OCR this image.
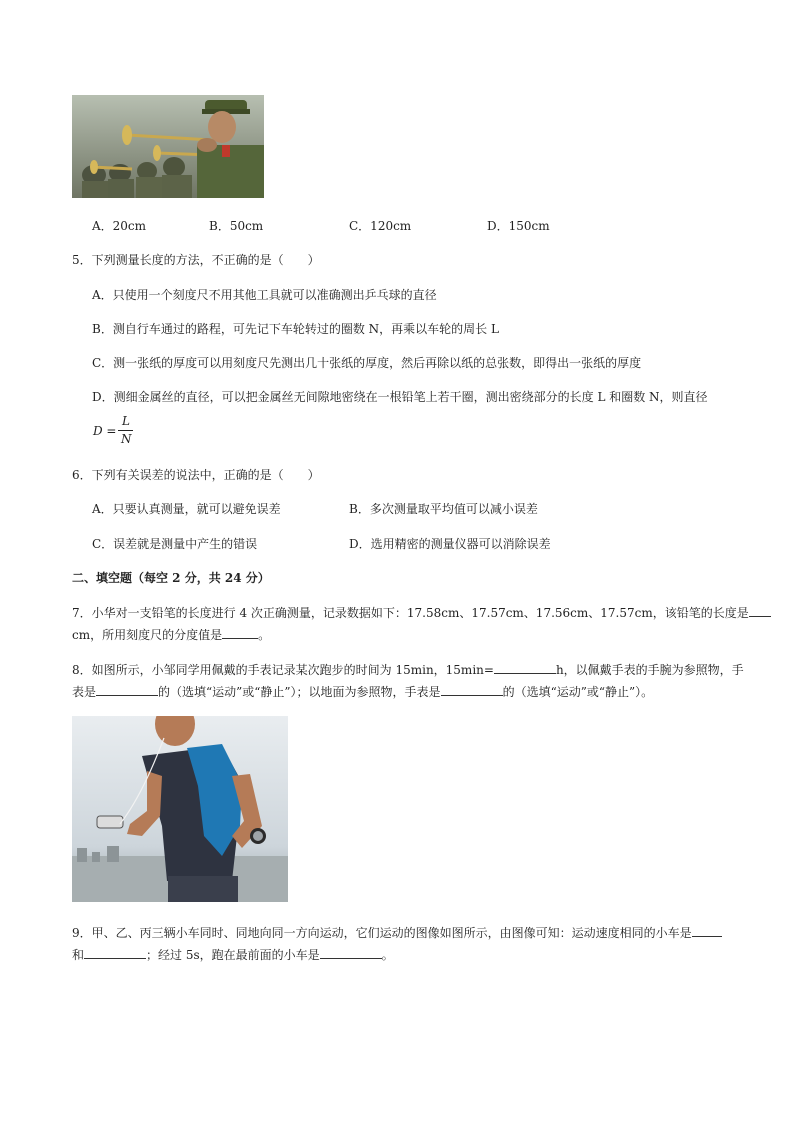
A．20cm	B．50cm	C．120cm	D．150cm
5．下列测量长度的方法，不正确的是（　　）
A．只使用一个刻度尺不用其他工具就可以准确测出乒乓球的直径
B．测自行车通过的路程，可先记下车轮转过的圈数 N，再乘以车轮的周长 L
C．测一张纸的厚度可以用刻度尺先测出几十张纸的厚度，然后再除以纸的总张数，即得出一张纸的厚度
D．测细金属丝的直径，可以把金属丝无间隙地密绕在一根铅笔上若干圈，测出密绕部分的长度 L 和圈数 N，则直径
D =
L
N
6．下列有关误差的说法中，正确的是（　　）
A．只要认真测量，就可以避免误差	B．多次测量取平均值可以减小误差
C．误差就是测量中产生的错误	D．选用精密的测量仪器可以消除误差
二、填空题（每空 2 分，共 24 分）
7．小华对一支铅笔的长度进行 4 次正确测量，记录数据如下：17.58cm、17.57cm、17.56cm、17.57cm，该铅笔的长度是
cm，所用刻度尺的分度值是	。
8．如图所示，小邹同学用佩戴的手表记录某次跑步的时间为 15min，15min=	h，以佩戴手表的手腕为参照物，手
表是	的（选填“运动”或“静止”）；以地面为参照物，手表是	的（选填“运动”或“静止”）。
9．甲、乙、丙三辆小车同时、同地向同一方向运动，它们运动的图像如图所示，由图像可知：运动速度相同的小车是
和	；经过 5s，跑在最前面的小车是	。
